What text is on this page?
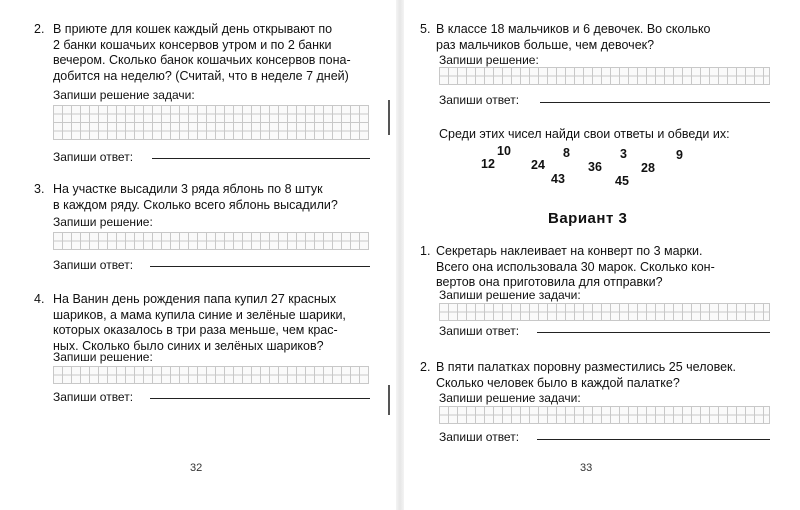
2. В приюте для кошек каждый день открывают по
2 банки кошачьих консервов утром и по 2 банки
вечером. Сколько банок кошачьих консервов пона-
добится на неделю? (Считай, что в неделе 7 дней)
Запиши решение задачи:
Запиши ответ:
3. На участке высадили 3 ряда яблонь по 8 штук
в каждом ряду. Сколько всего яблонь высадили?
Запиши решение:
Запиши ответ:
4. На Ванин день рождения папа купил 27 красных
шариков, а мама купила синие и зелёные шарики,
которых оказалось в три раза меньше, чем крас-
ных. Сколько было синих и зелёных шариков?
Запиши решение:
Запиши ответ:
32
5. В классе 18 мальчиков и 6 девочек. Во сколько
раз мальчиков больше, чем девочек?
Запиши решение:
Запиши ответ:
Среди этих чисел найди свои ответы и обведи их:
10
12	24
8
36
3
28
9
43	45
Вариант 3
1. Секретарь наклеивает на конверт по 3 марки.
Всего она использовала 30 марок. Сколько кон-
вертов она приготовила для отправки?
Запиши решение задачи:
Запиши ответ:
2. В пяти палатках поровну разместились 25 человек.
Сколько человек было в каждой палатке?
Запиши решение задачи:
Запиши ответ:
33
